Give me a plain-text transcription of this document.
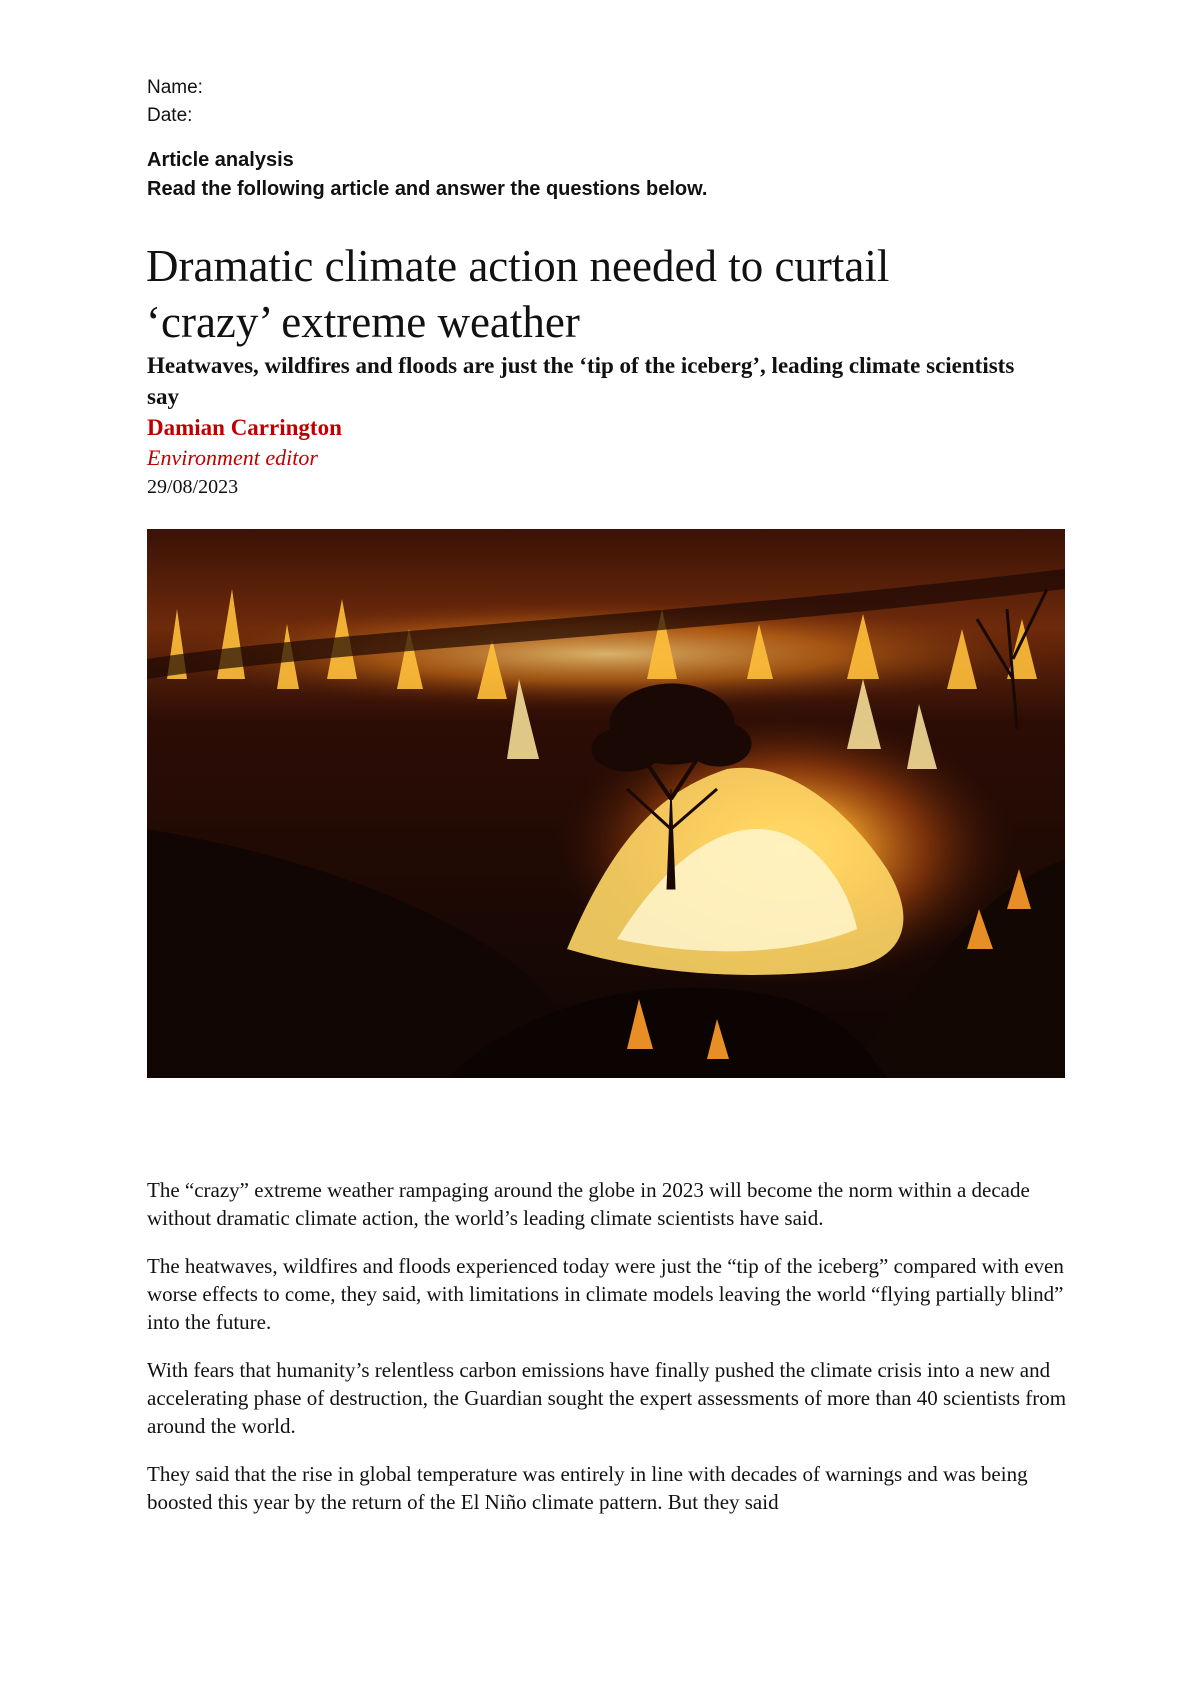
Name:
Date:
Article analysis
Read the following article and answer the questions below.
Dramatic climate action needed to curtail
‘crazy’ extreme weather

Heatwaves, wildfires and floods are just the ‘tip of the iceberg’, leading climate scientists say

Damian Carrington
Environment editor
29/08/2023

The “crazy” extreme weather rampaging around the globe in 2023 will become the norm within a decade without dramatic climate action, the world’s leading climate scientists have said.

The heatwaves, wildfires and floods experienced today were just the “tip of the iceberg” compared with even worse effects to come, they said, with limitations in climate models leaving the world “flying partially blind” into the future.

With fears that humanity’s relentless carbon emissions have finally pushed the climate crisis into a new and accelerating phase of destruction, the Guardian sought the expert assessments of more than 40 scientists from around the world.

They said that the rise in global temperature was entirely in line with decades of warnings and was being boosted this year by the return of the El Niño climate pattern. But they said
